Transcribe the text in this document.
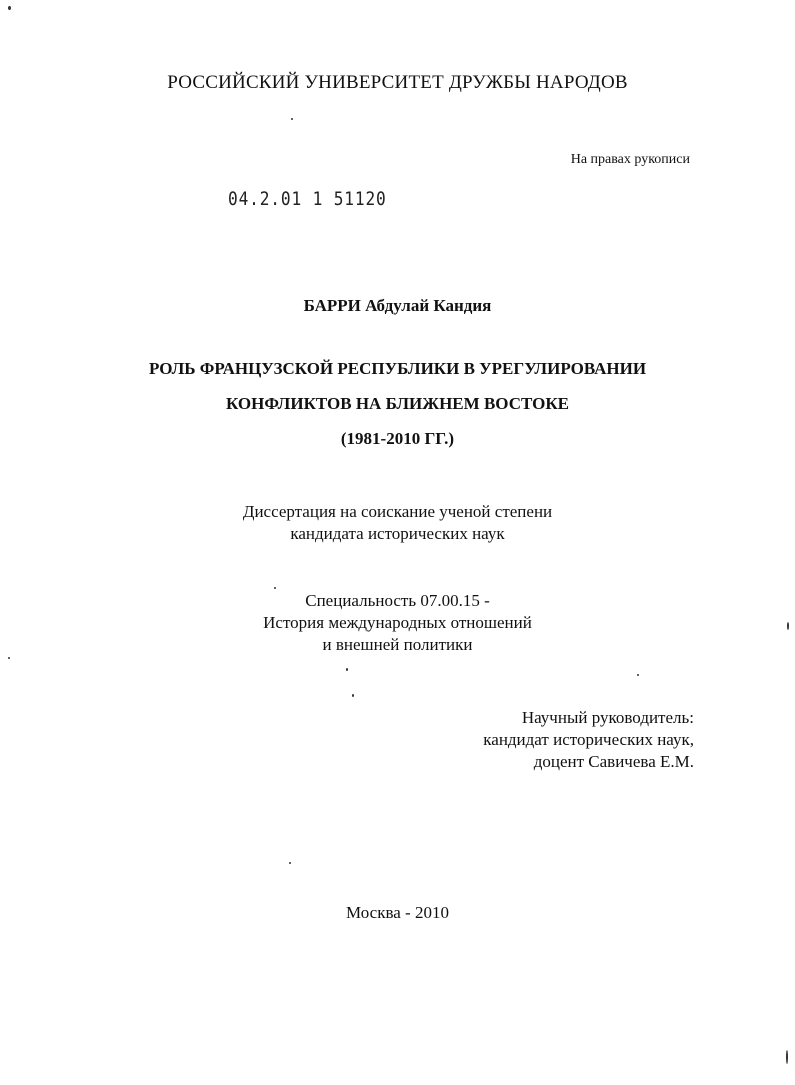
РОССИЙСКИЙ УНИВЕРСИТЕТ ДРУЖБЫ НАРОДОВ
На правах рукописи
04.2.01 1 51120
БАРРИ Абдулай Кандия
РОЛЬ ФРАНЦУЗСКОЙ РЕСПУБЛИКИ В УРЕГУЛИРОВАНИИ
КОНФЛИКТОВ НА БЛИЖНЕМ ВОСТОКЕ
(1981-2010 ГГ.)
Диссертация на соискание ученой степени
кандидата исторических наук
Специальность 07.00.15 -
История международных отношений
и внешней политики
Научный руководитель:
кандидат исторических наук,
доцент Савичева Е.М.
Москва - 2010
